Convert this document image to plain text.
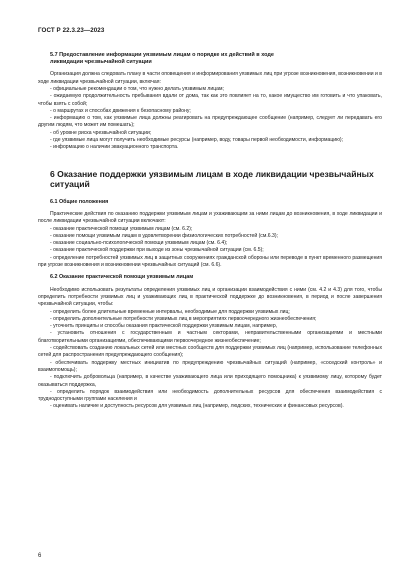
ГОСТ Р 22.3.23—2023
5.7 Предоставление информации уязвимым лицам о порядке их действий в ходе
ликвидации чрезвычайной ситуации

Организация должна следовать плану в части оповещения и информирования уязвимых лиц при угрозе возникновения, возникновении и в ходе ликвидации чрезвычайной ситуации, включая:

- официальные рекомендации о том, что нужно делать уязвимым лицам;

- ожидаемую продолжительность пребывания вдали от дома, так как это повлияет на то, какое имущество им готовить и что упаковать, чтобы взять с собой;

- о маршрутах и способах движения к безопасному району;

- информацию о том, как уязвимые лица должны реагировать на предупреждающее сообщение (например, следует ли передавать его другим людям, что может им помешать);

- об уровне риска чрезвычайной ситуации;

- где уязвимые лица могут получить необходимые ресурсы (например, воду, товары первой необходимости, информацию);

- информацию о наличии эвакуационного транспорта.

6 Оказание поддержки уязвимым лицам в ходе ликвидации чрезвычайных
ситуаций
6.1 Общие положения

Практические действия по оказанию поддержки уязвимым лицам и ухаживающим за ними лицам до возникновения, в ходе ликвидации и после ликвидации чрезвычайной ситуации включают:

- оказание практической помощи уязвимым лицам (см. 6.2);

- оказание помощи уязвимым лицам в удовлетворении физиологических потребностей (см.6.3);

- оказание социально-психологической помощи уязвимым лицам (см. 6.4);

- оказание практической поддержки при выходе из зоны чрезвычайной ситуации (см. 6.5);

- определение потребностей уязвимых лиц в защитных сооружениях гражданской обороны или переводе в пункт временного размещения при угрозе возникновения и возникновении чрезвычайных ситуаций (см. 6.6).

6.2 Оказание практической помощи уязвимым лицам

Необходимо использовать результаты определения уязвимых лиц и организации взаимодействия с ними (см. 4.2 и 4.3) для того, чтобы определить потребности уязвимых лиц и ухаживающих лиц в практической поддержке до возникновения, в период и после завершения чрезвычайной ситуации, чтобы:

- определить более длительные временные интервалы, необходимые для поддержки уязвимых лиц;

- определить дополнительные потребности уязвимых лиц в мероприятиях первоочередного жизнеобеспечения;

- уточнить принципы и способы оказания практической поддержки уязвимым лицам, например,

- установить отношения с государственным и частным секторами, неправительственными организациями и местными благотворительными организациями, обеспечивающими первоочередное жизнеобеспечение;

- содействовать созданию локальных сетей или местных сообществ для поддержки уязвимых лиц (например, использование телефонных сетей для распространения предупреждающего сообщения);

- обеспечивать поддержку местных инициатив по предупреждению чрезвычайных ситуаций (например, «соседский контроль» и взаимопомощь);

- подключить добровольца (например, в качестве ухаживающего лица или приходящего помощника) к уязвимому лицу, которому будет оказываться поддержка,

- определить порядок взаимодействия или необходимость дополнительных ресурсов для обеспечения взаимодействия с труднодоступными группами населения и

- оценивать наличие и доступность ресурсов для уязвимых лиц (например, людских, технических и финансовых ресурсов).

6
